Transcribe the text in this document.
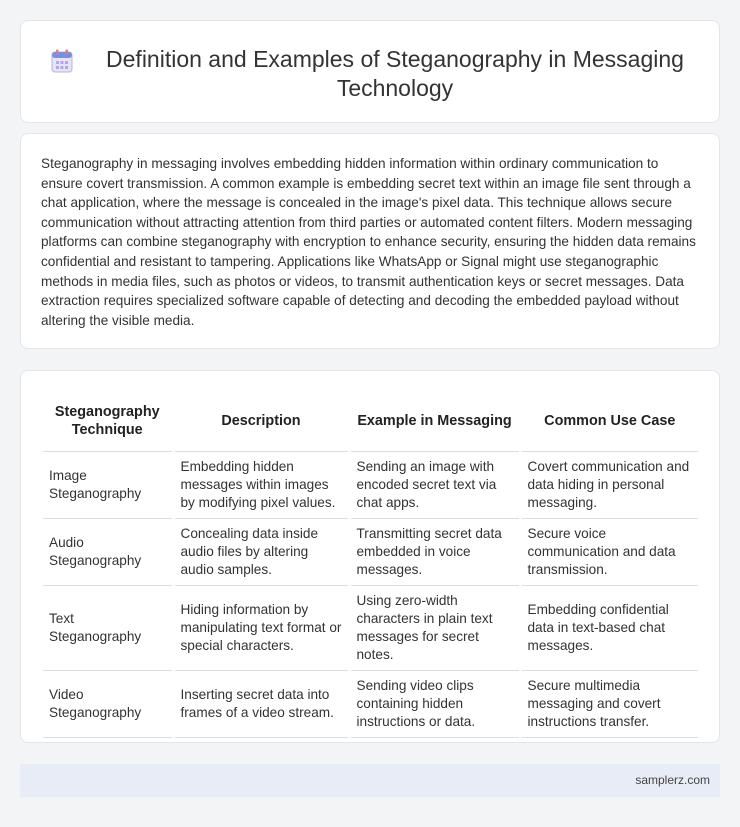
Definition and Examples of Steganography in Messaging Technology

Steganography in messaging involves embedding hidden information within ordinary communication to ensure covert transmission. A common example is embedding secret text within an image file sent through a chat application, where the message is concealed in the image's pixel data. This technique allows secure communication without attracting attention from third parties or automated content filters. Modern messaging platforms can combine steganography with encryption to enhance security, ensuring the hidden data remains confidential and resistant to tampering. Applications like WhatsApp or Signal might use steganographic methods in media files, such as photos or videos, to transmit authentication keys or secret messages. Data extraction requires specialized software capable of detecting and decoding the embedded payload without altering the visible media.

Steganography Technique	Description	Example in Messaging	Common Use Case
Image Steganography	Embedding hidden messages within images by modifying pixel values.	Sending an image with encoded secret text via chat apps.	Covert communication and data hiding in personal messaging.
Audio Steganography	Concealing data inside audio files by altering audio samples.	Transmitting secret data embedded in voice messages.	Secure voice communication and data transmission.
Text Steganography	Hiding information by manipulating text format or special characters.	Using zero-width characters in plain text messages for secret notes.	Embedding confidential data in text-based chat messages.
Video Steganography	Inserting secret data into frames of a video stream.	Sending video clips containing hidden instructions or data.	Secure multimedia messaging and covert instructions transfer.
samplerz.com
